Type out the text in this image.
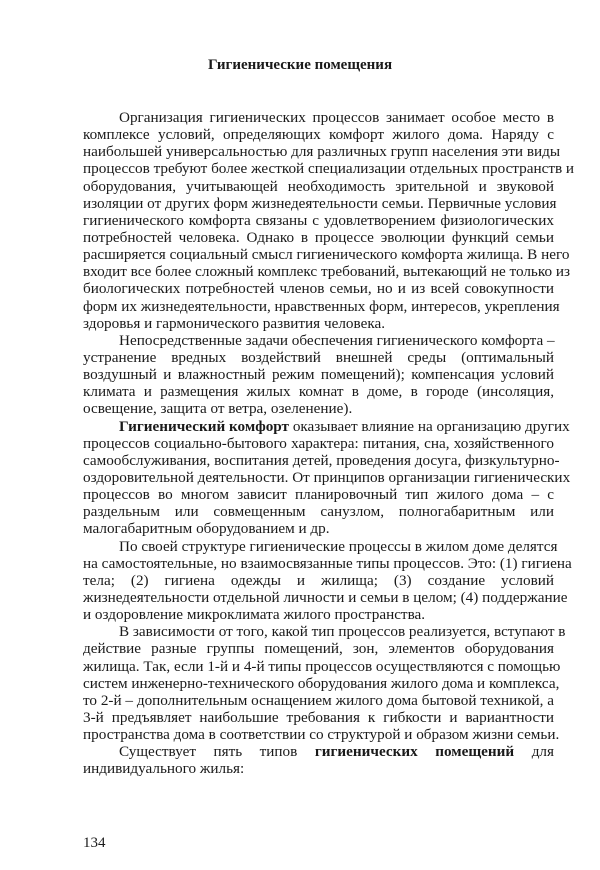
Гигиенические помещения
Организация гигиенических процессов занимает особое место в
комплексе условий, определяющих комфорт жилого дома. Наряду с
наибольшей универсальностью для различных групп населения эти виды
процессов требуют более жесткой специализации отдельных пространств и
оборудования, учитывающей необходимость зрительной и звуковой
изоляции от других форм жизнедеятельности семьи. Первичные условия
гигиенического комфорта связаны с удовлетворением физиологических
потребностей человека. Однако в процессе эволюции функций семьи
расширяется социальный смысл гигиенического комфорта жилища. В него
входит все более сложный комплекс требований, вытекающий не только из
биологических потребностей членов семьи, но и из всей совокупности
форм их жизнедеятельности, нравственных форм, интересов, укрепления
здоровья и гармонического развития человека.
Непосредственные задачи обеспечения гигиенического комфорта –
устранение вредных воздействий внешней среды (оптимальный
воздушный и влажностный режим помещений); компенсация условий
климата и размещения жилых комнат в доме, в городе (инсоляция,
освещение, защита от ветра, озеленение).
Гигиенический комфорт оказывает влияние на организацию других
процессов социально-бытового характера: питания, сна, хозяйственного
самообслуживания, воспитания детей, проведения досуга, физкультурно-
оздоровительной деятельности. От принципов организации гигиенических
процессов во многом зависит планировочный тип жилого дома – с
раздельным или совмещенным санузлом, полногабаритным или
малогабаритным оборудованием и др.
По своей структуре гигиенические процессы в жилом доме делятся
на самостоятельные, но взаимосвязанные типы процессов. Это: (1) гигиена
тела; (2) гигиена одежды и жилища; (3) создание условий
жизнедеятельности отдельной личности и семьи в целом; (4) поддержание
и оздоровление микроклимата жилого пространства.
В зависимости от того, какой тип процессов реализуется, вступают в
действие разные группы помещений, зон, элементов оборудования
жилища. Так, если 1-й и 4-й типы процессов осуществляются с помощью
систем инженерно-технического оборудования жилого дома и комплекса,
то 2-й – дополнительным оснащением жилого дома бытовой техникой, а
3-й предъявляет наибольшие требования к гибкости и вариантности
пространства дома в соответствии со структурой и образом жизни семьи.
Существует пять типов гигиенических помещений для
индивидуального жилья:
134
